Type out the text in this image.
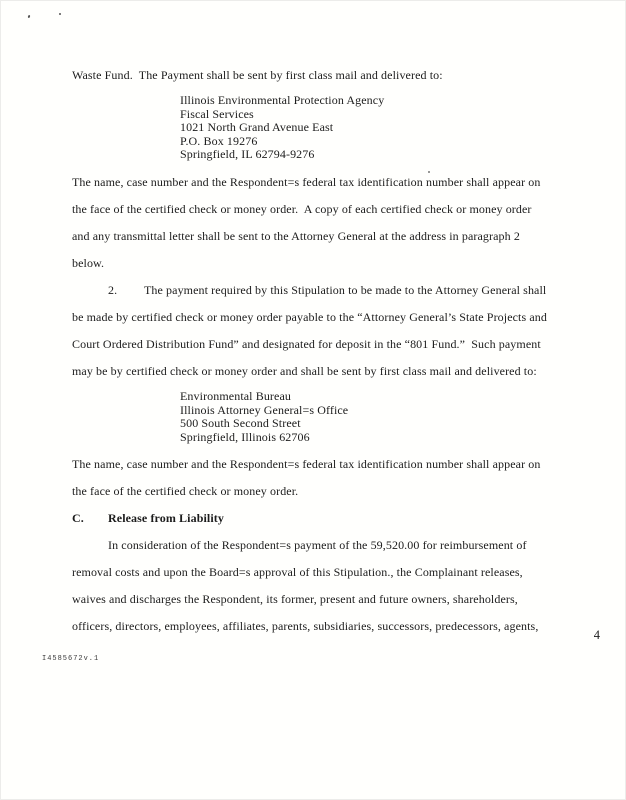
Waste Fund.  The Payment shall be sent by first class mail and delivered to:
Illinois Environmental Protection Agency
Fiscal Services
1021 North Grand Avenue East
P.O. Box 19276
Springfield, IL 62794-9276
The name, case number and the Respondent=s federal tax identification number shall appear on
the face of the certified check or money order.  A copy of each certified check or money order
and any transmittal letter shall be sent to the Attorney General at the address in paragraph 2
below.
2.	The payment required by this Stipulation to be made to the Attorney General shall
be made by certified check or money order payable to the “Attorney General’s State Projects and
Court Ordered Distribution Fund” and designated for deposit in the “801 Fund.”  Such payment
may be by certified check or money order and shall be sent by first class mail and delivered to:
Environmental Bureau
Illinois Attorney General=s Office
500 South Second Street
Springfield, Illinois 62706
The name, case number and the Respondent=s federal tax identification number shall appear on
the face of the certified check or money order.
C.	Release from Liability
In consideration of the Respondent=s payment of the 59,520.00 for reimbursement of
removal costs and upon the Board=s approval of this Stipulation., the Complainant releases,
waives and discharges the Respondent, its former, present and future owners, shareholders,
officers, directors, employees, affiliates, parents, subsidiaries, successors, predecessors, agents,
4
I4585672v.1
